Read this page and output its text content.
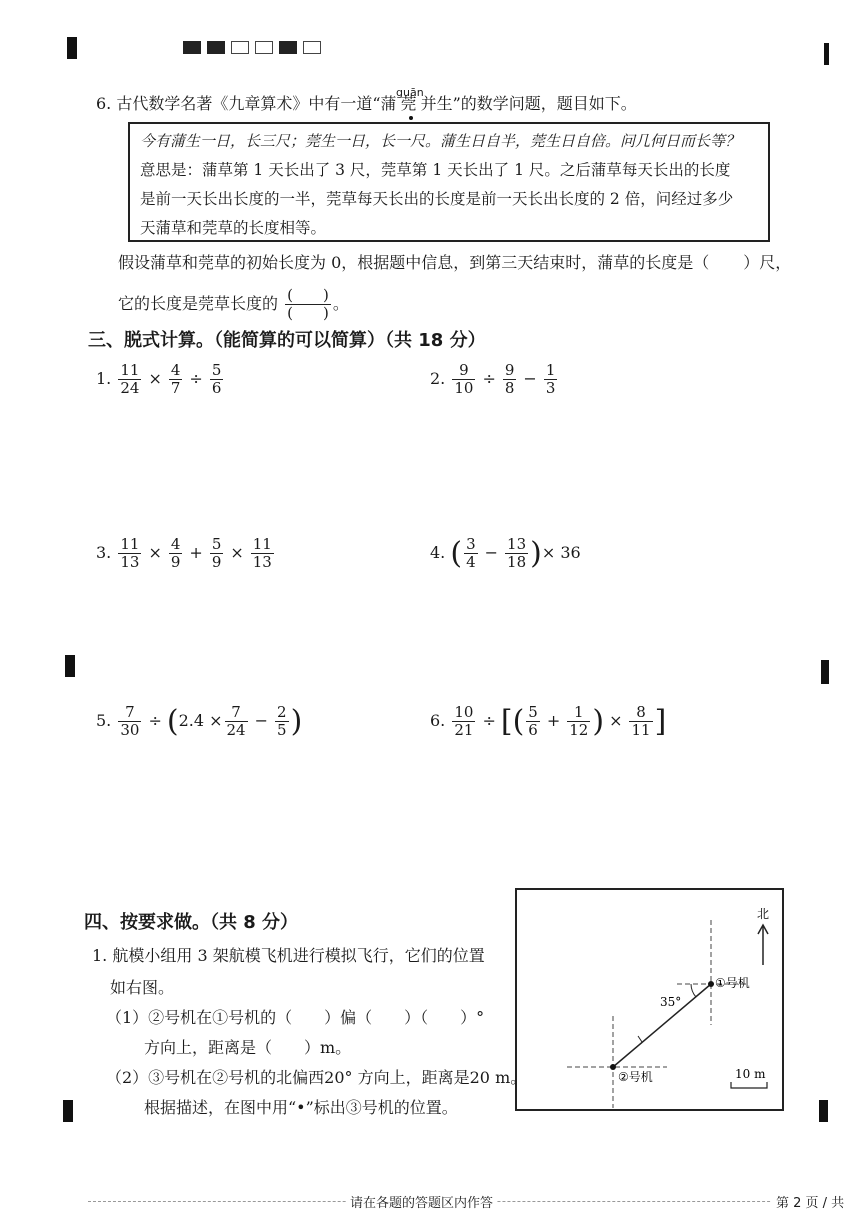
guān
6. 古代数学名著《九章算术》中有一道“蒲 莞 并生”的数学问题，题目如下。

今有蒲生一日，长三尺；莞生一日，长一尺。蒲生日自半，莞生日自倍。问几何日而长等？

意思是：蒲草第 1 天长出了 3 尺，莞草第 1 天长出了 1 尺。之后蒲草每天长出的长度

是前一天长出长度的一半，莞草每天长出的长度是前一天长出长度的 2 倍，问经过多少

天蒲草和莞草的长度相等。

假设蒲草和莞草的初始长度为 0，根据题中信息，到第三天结束时，蒲草的长度是（ ）尺，
它的长度是莞草长度的 $\frac{( )}{( )}$ 。
三、脱式计算。（能简算的可以简算）（共 18 分）
1. $\frac{11}{24} \times \frac{4}{7} \div \frac{5}{6}$	2. $\frac{9}{10} \div \frac{9}{8} - \frac{1}{3}$
3. $\frac{11}{13} \times \frac{4}{9} + \frac{5}{9} \times \frac{11}{13}$	4. ( $\frac{3}{4} - \frac{13}{18}$ )× 36
5. $\frac{7}{30} \div (2.4 \times \frac{7}{24} - \frac{2}{5}$ )	6. $\frac{10}{21}$ ÷ [( $\frac{5}{6} + \frac{1}{12}$ ) × $\frac{8}{11}$ ]
四、按要求做。（共 8 分）
1. 航模小组用 3 架航模飞机进行模拟飞行，它们的位置
如右图。
（1）②号机在①号机的（　　）偏（　　）（　　）°
方向上，距离是（　　）m。
（2）③号机在②号机的北偏西20° 方向上，距离是20 m。
根据描述，在图中用“•”标出③号机的位置。
北
①号机
②号机
35°
10 m
请在各题的答题区内作答	第 2 页 / 共
